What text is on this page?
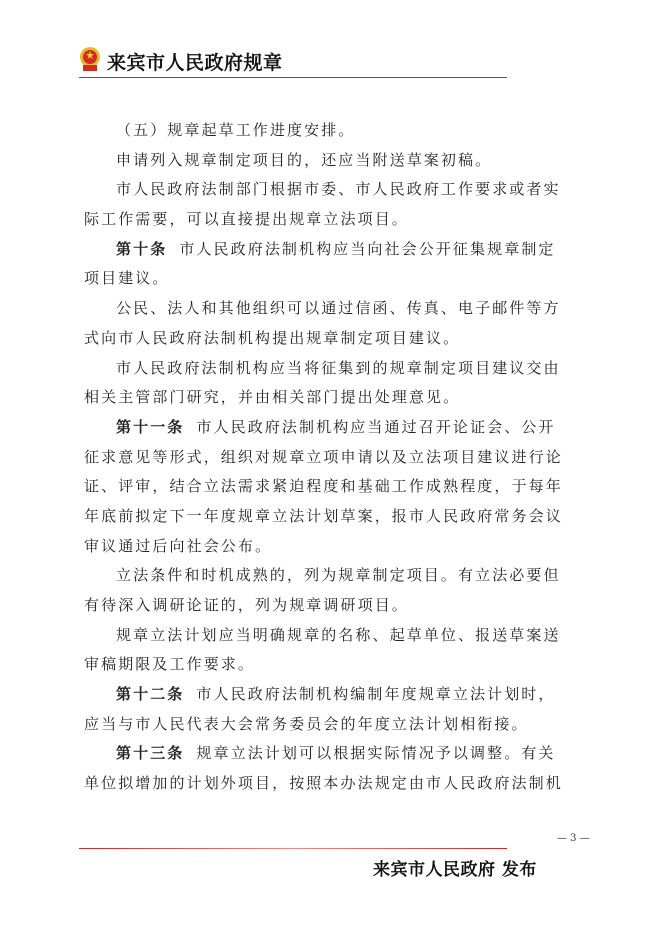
来宾市人民政府规章
（五）规章起草工作进度安排。
申请列入规章制定项目的，还应当附送草案初稿。
市人民政府法制部门根据市委、市人民政府工作要求或者实
际工作需要，可以直接提出规章立法项目。
第十条 市人民政府法制机构应当向社会公开征集规章制定
项目建议。
公民、法人和其他组织可以通过信函、传真、电子邮件等方
式向市人民政府法制机构提出规章制定项目建议。
市人民政府法制机构应当将征集到的规章制定项目建议交由
相关主管部门研究，并由相关部门提出处理意见。
第十一条 市人民政府法制机构应当通过召开论证会、公开
征求意见等形式，组织对规章立项申请以及立法项目建议进行论
证、评审，结合立法需求紧迫程度和基础工作成熟程度，于每年
年底前拟定下一年度规章立法计划草案，报市人民政府常务会议
审议通过后向社会公布。
立法条件和时机成熟的，列为规章制定项目。有立法必要但
有待深入调研论证的，列为规章调研项目。
规章立法计划应当明确规章的名称、起草单位、报送草案送
审稿期限及工作要求。
第十二条 市人民政府法制机构编制年度规章立法计划时，
应当与市人民代表大会常务委员会的年度立法计划相衔接。
第十三条 规章立法计划可以根据实际情况予以调整。有关
单位拟增加的计划外项目，按照本办法规定由市人民政府法制机
— 3 —
来宾市人民政府 发布
